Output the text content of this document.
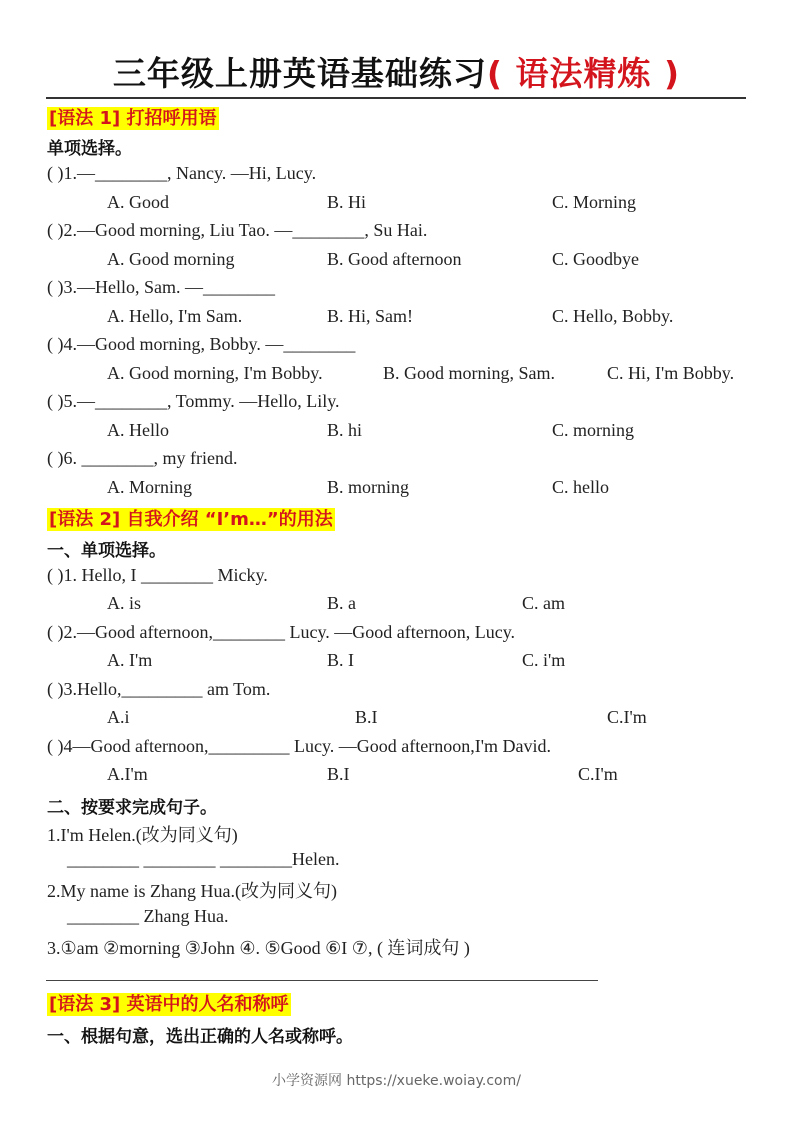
三年级上册英语基础练习( 语法精炼 )
[语法 1] 打招呼用语
单项选择。
( )1.—________, Nancy. —Hi, Lucy.
A. Good	B. Hi	C. Morning
( )2.—Good morning, Liu Tao. —________, Su Hai.
A. Good morning	B. Good afternoon	C. Goodbye
( )3.—Hello, Sam. —________
A. Hello, I'm Sam.	B. Hi, Sam!	C. Hello, Bobby.
( )4.—Good morning, Bobby. —________
A. Good morning, I'm Bobby.	B. Good morning, Sam.	C. Hi, I'm Bobby.
( )5.—________, Tommy. —Hello, Lily.
A. Hello	B. hi	C. morning
( )6. ________, my friend.
A. Morning	B. morning	C. hello
[语法 2] 自我介绍 “I’m…”的用法
一、单项选择。
( )1. Hello, I ________ Micky.
A. is	B. a	C. am
( )2.—Good afternoon,________ Lucy. —Good afternoon, Lucy.
A. I'm	B. I	C. i'm
( )3.Hello,_________ am Tom.
A.i	B.I	C.I'm
( )4—Good afternoon,_________ Lucy. —Good afternoon,I'm David.
A.I'm	B.I	C.I'm
二、按要求完成句子。
1.I'm Helen.(改为同义句)
________ ________ ________Helen.
2.My name is Zhang Hua.(改为同义句)
________ Zhang Hua.
3.①am ②morning ③John ④. ⑤Good ⑥I ⑦, ( 连词成句 )
[语法 3] 英语中的人名和称呼
一、根据句意，选出正确的人名或称呼。
小学资源网 https://xueke.woiay.com/
